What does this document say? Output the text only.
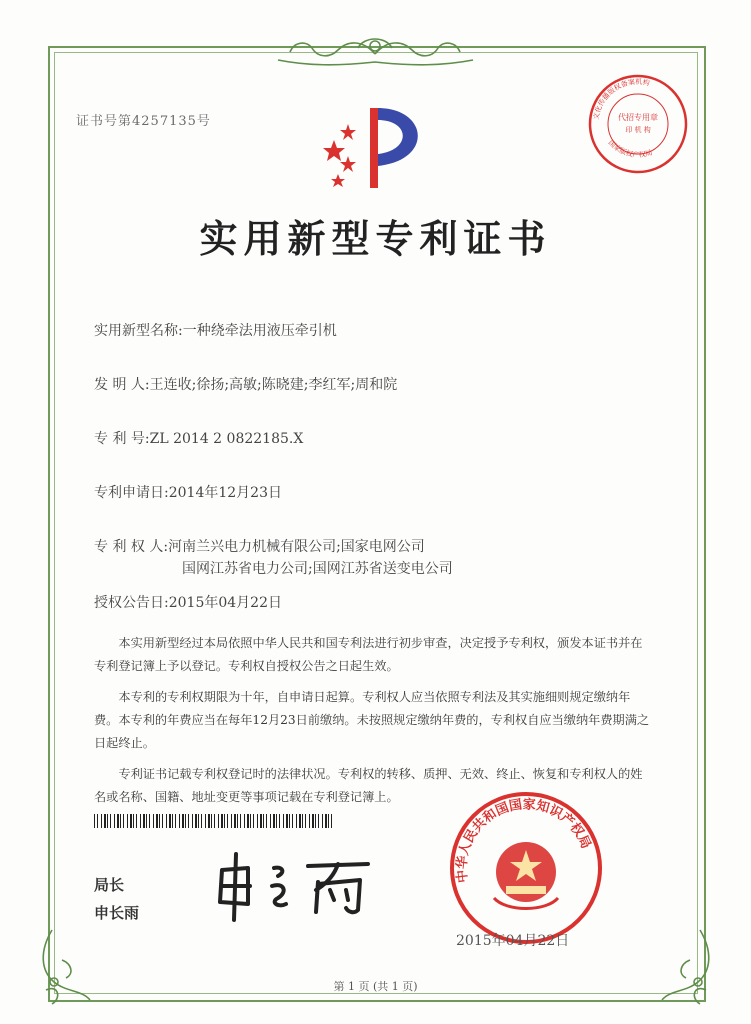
证书号第4257135号	代招专用章
印 机 构
文化传播版权备案机构
国家版权产权局
实用新型专利证书
实用新型名称:一种绕牵法用液压牵引机
发 明 人:王连收;徐扬;高敏;陈晓建;李红军;周和院
专 利 号:ZL 2014 2 0822185.X
专利申请日:2014年12月23日
专 利 权 人:河南兰兴电力机械有限公司;国家电网公司
国网江苏省电力公司;国网江苏省送变电公司
授权公告日:2015年04月22日

本实用新型经过本局依照中华人民共和国专利法进行初步审查，决定授予专利权，颁发本证书并在专利登记簿上予以登记。专利权自授权公告之日起生效。

本专利的专利权期限为十年，自申请日起算。专利权人应当依照专利法及其实施细则规定缴纳年费。本专利的年费应当在每年12月23日前缴纳。未按照规定缴纳年费的，专利权自应当缴纳年费期满之日起终止。

专利证书记载专利权登记时的法律状况。专利权的转移、质押、无效、终止、恢复和专利权人的姓名或名称、国籍、地址变更等事项记载在专利登记簿上。

局长
申长雨
中华人民共和国国家知识产权局
2015年04月22日
第 1 页 (共 1 页)
